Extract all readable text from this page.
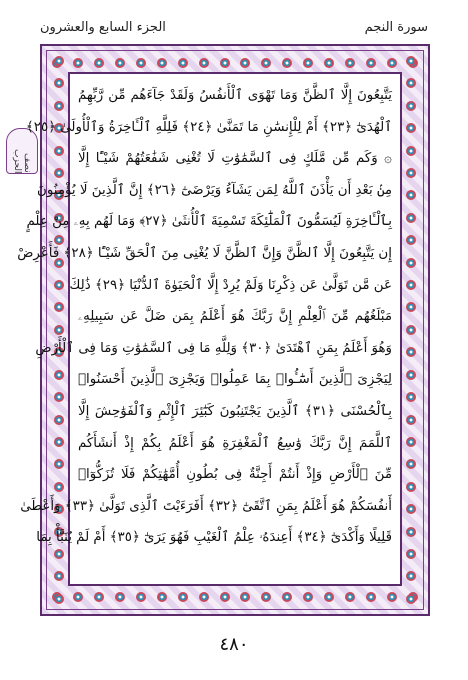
الجزء السابع والعشرون	سورة النجم
نصف الحزب
يَتَّبِعُونَ إِلَّا ٱلظَّنَّ وَمَا تَهْوَى ٱلْأَنفُسُ وَلَقَدْ جَآءَهُم مِّن رَّبِّهِمُ
ٱلْهُدَىٰٓ ﴿٢٣﴾ أَمْ لِلْإِنسَٰنِ مَا تَمَنَّىٰ ﴿٢٤﴾ فَلِلَّهِ ٱلْـَٔاخِرَةُ وَٱلْأُولَىٰ ﴿٢٥﴾
۞ وَكَم مِّن مَّلَكٍ فِى ٱلسَّمَٰوَٰتِ لَا تُغْنِى شَفَٰعَتُهُمْ شَيْـًٔا إِلَّا
مِنۢ بَعْدِ أَن يَأْذَنَ ٱللَّهُ لِمَن يَشَآءُ وَيَرْضَىٰٓ ﴿٢٦﴾ إِنَّ ٱلَّذِينَ لَا يُؤْمِنُونَ
بِٱلْـَٔاخِرَةِ لَيُسَمُّونَ ٱلْمَلَٰٓئِكَةَ تَسْمِيَةَ ٱلْأُنثَىٰ ﴿٢٧﴾ وَمَا لَهُم بِهِۦ مِنْ عِلْمٍ
إِن يَتَّبِعُونَ إِلَّا ٱلظَّنَّ وَإِنَّ ٱلظَّنَّ لَا يُغْنِى مِنَ ٱلْحَقِّ شَيْـًٔا ﴿٢٨﴾ فَأَعْرِضْ
عَن مَّن تَوَلَّىٰ عَن ذِكْرِنَا وَلَمْ يُرِدْ إِلَّا ٱلْحَيَوٰةَ ٱلدُّنْيَا ﴿٢٩﴾ ذَٰلِكَ
مَبْلَغُهُم مِّنَ ٱلْعِلْمِ إِنَّ رَبَّكَ هُوَ أَعْلَمُ بِمَن ضَلَّ عَن سَبِيلِهِۦ
وَهُوَ أَعْلَمُ بِمَنِ ٱهْتَدَىٰ ﴿٣٠﴾ وَلِلَّهِ مَا فِى ٱلسَّمَٰوَٰتِ وَمَا فِى ٱلْأَرْضِ
لِيَجْزِىَ ٱلَّذِينَ أَسَٰٓـُٔوا۟ بِمَا عَمِلُوا۟ وَيَجْزِىَ ٱلَّذِينَ أَحْسَنُوا۟
بِٱلْحُسْنَى ﴿٣١﴾ ٱلَّذِينَ يَجْتَنِبُونَ كَبَٰٓئِرَ ٱلْإِثْمِ وَٱلْفَوَٰحِشَ إِلَّا
ٱللَّمَمَ إِنَّ رَبَّكَ وَٰسِعُ ٱلْمَغْفِرَةِ هُوَ أَعْلَمُ بِكُمْ إِذْ أَنشَأَكُم
مِّنَ ٱلْأَرْضِ وَإِذْ أَنتُمْ أَجِنَّةٌ فِى بُطُونِ أُمَّهَٰتِكُمْ فَلَا تُزَكُّوٓا۟
أَنفُسَكُمْ هُوَ أَعْلَمُ بِمَنِ ٱتَّقَىٰٓ ﴿٣٢﴾ أَفَرَءَيْتَ ٱلَّذِى تَوَلَّىٰ ﴿٣٣﴾ وَأَعْطَىٰ
قَلِيلًا وَأَكْدَىٰٓ ﴿٣٤﴾ أَعِندَهُۥ عِلْمُ ٱلْغَيْبِ فَهُوَ يَرَىٰٓ ﴿٣٥﴾ أَمْ لَمْ يُنَبَّأْ بِمَا
٤٨٠
